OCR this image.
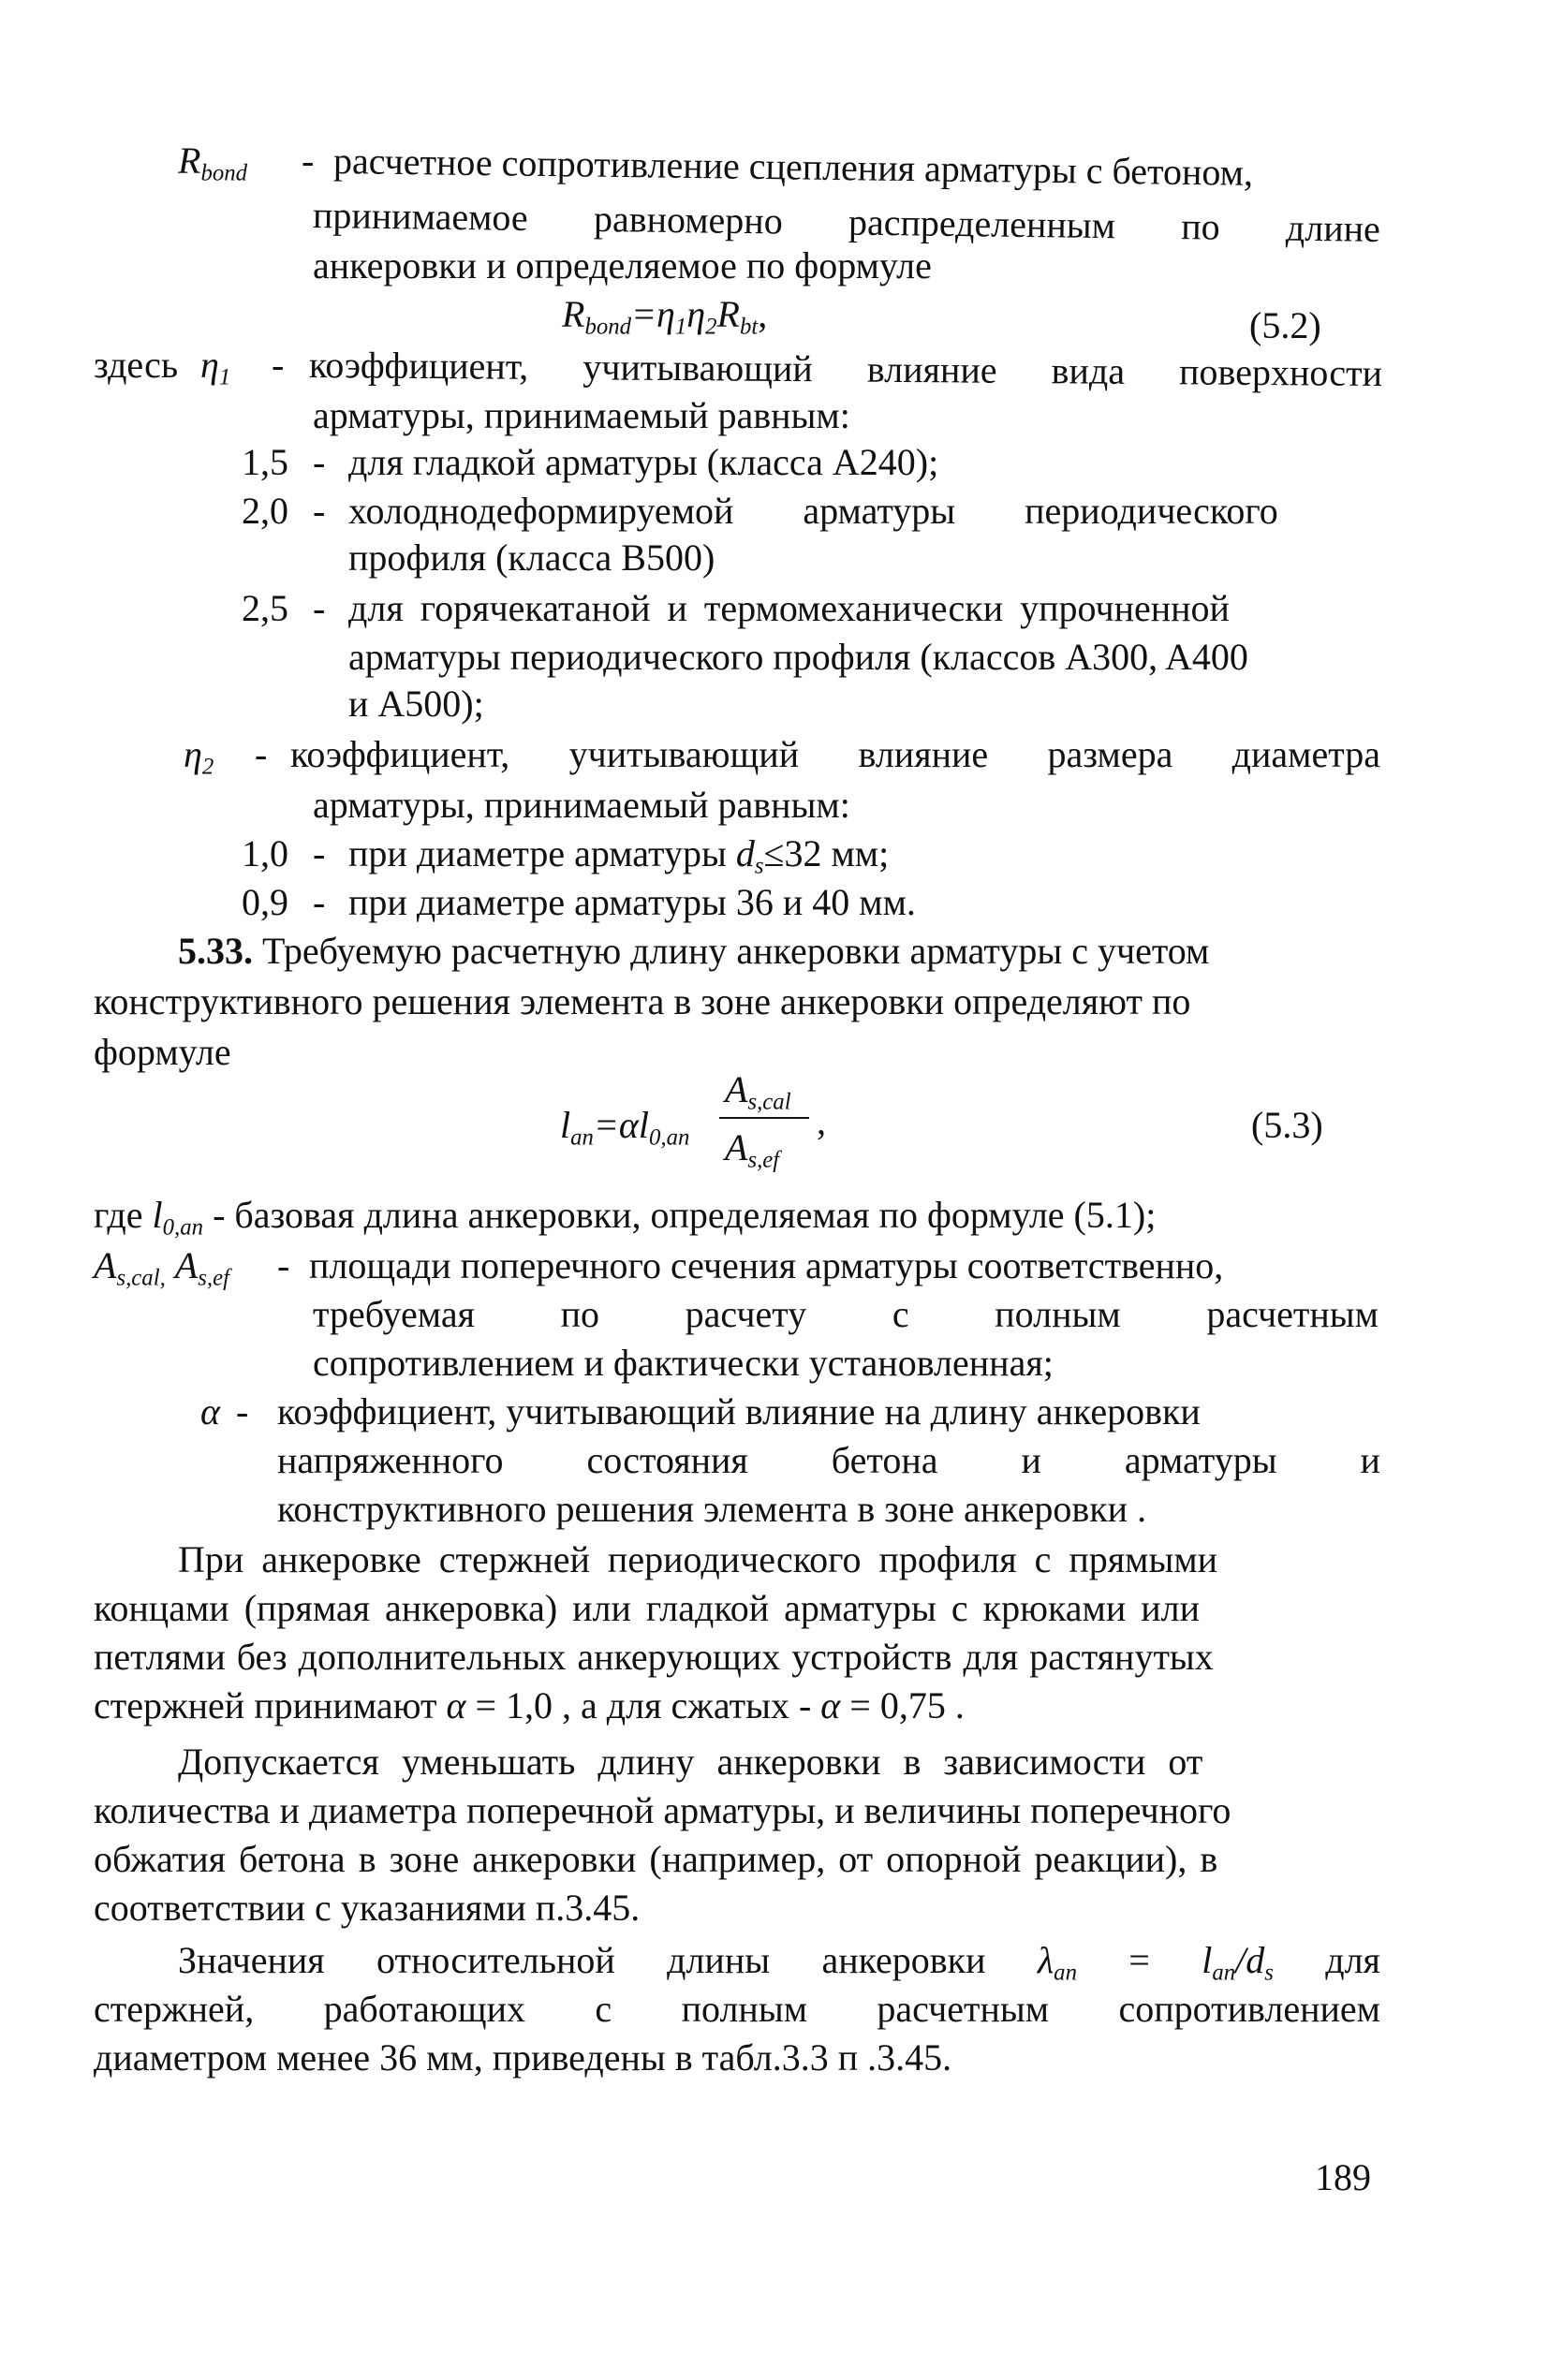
$R_{bond}$ - расчетное сопротивление сцепления арматуры с бетоном,
принимаемое равномерно распределенным по длине
анкеровки и определяемое по формуле
$R_{bond}=\eta_1\eta_2R_{bt}$,	(5.2)
здесь $\eta_1$ - коэффициент, учитывающий влияние вида поверхности
арматуры, принимаемый равным:
1,5 - для гладкой арматуры (класса A240);
2,0 - холоднодеформируемой арматуры периодического
профиля (класса B500)
2,5 - для горячекатаной и термомеханически упрочненной
арматуры периодического профиля (классов A300, A400
и A500);
$\eta_2$ - коэффициент, учитывающий влияние размера диаметра
арматуры, принимаемый равным:
1,0 - при диаметре арматуры $d_s\le 32$ мм;
0,9 - при диаметре арматуры 36 и 40 мм.
5.33. Требуемую расчетную длину анкеровки арматуры с учетом
конструктивного решения элемента в зоне анкеровки определяют по
формуле
$l_{an}=\alpha l_{0,an}$
$A_{s,cal}$
$A_{s,ef}$
,	(5.3)
где $l_{0,an}$ - базовая длина анкеровки, определяемая по формуле (5.1);
$A_{s,cal,}$ $A_{s,ef}$ - площади поперечного сечения арматуры соответственно,
требуемая по расчету с полным расчетным
сопротивлением и фактически установленная;
α - коэффициент, учитывающий влияние на длину анкеровки
напряженного состояния бетона и арматуры и
конструктивного решения элемента в зоне анкеровки .
При анкеровке стержней периодического профиля с прямыми
концами (прямая анкеровка) или гладкой арматуры с крюками или
петлями без дополнительных анкерующих устройств для растянутых
стержней принимают α = 1,0 , а для сжатых - α = 0,75 .
Допускается уменьшать длину анкеровки в зависимости от
количества и диаметра поперечной арматуры, и величины поперечного
обжатия бетона в зоне анкеровки (например, от опорной реакции), в
соответствии с указаниями п.3.45.
Значения относительной длины анкеровки $\lambda_{an} = l_{an}/d_s$ для
стержней, работающих с полным расчетным сопротивлением
диаметром менее 36 мм, приведены в табл.3.3 п .3.45.
189
